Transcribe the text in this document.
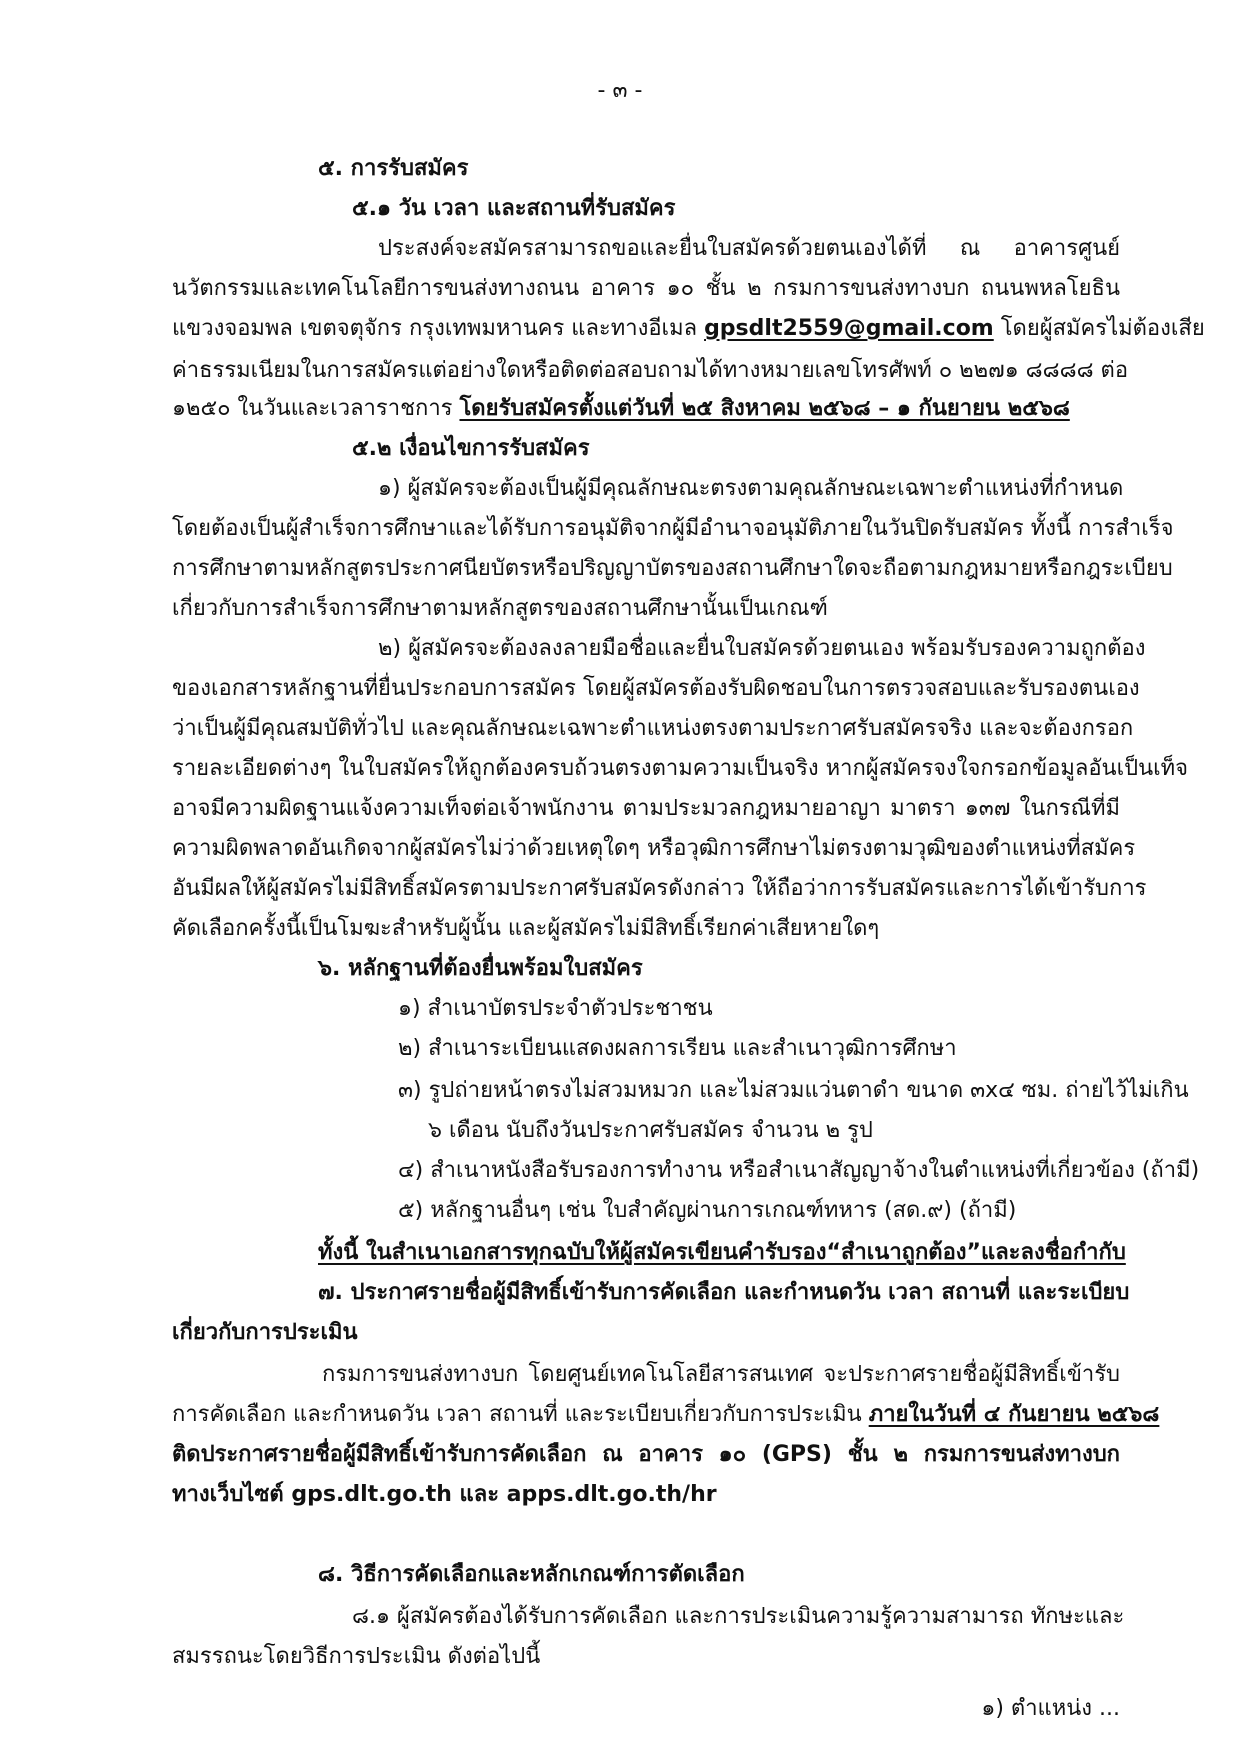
- ๓ -
๕. การรับสมัคร
๕.๑ วัน เวลา และสถานที่รับสมัคร
ประสงค์จะสมัครสามารถขอและยื่นใบสมัครด้วยตนเองได้ที่ ณ อาคารศูนย์
นวัตกรรมและเทคโนโลยีการขนส่งทางถนน อาคาร ๑๐ ชั้น ๒ กรมการขนส่งทางบก ถนนพหลโยธิน
แขวงจอมพล เขตจตุจักร กรุงเทพมหานคร และทางอีเมล gpsdlt2559@gmail.com โดยผู้สมัครไม่ต้องเสีย
ค่าธรรมเนียมในการสมัครแต่อย่างใดหรือติดต่อสอบถามได้ทางหมายเลขโทรศัพท์ ๐ ๒๒๗๑ ๘๘๘๘ ต่อ
๑๒๕๐ ในวันและเวลาราชการ โดยรับสมัครตั้งแต่วันที่ ๒๕ สิงหาคม ๒๕๖๘ – ๑ กันยายน ๒๕๖๘
๕.๒ เงื่อนไขการรับสมัคร
๑) ผู้สมัครจะต้องเป็นผู้มีคุณลักษณะตรงตามคุณลักษณะเฉพาะตำแหน่งที่กำหนด
โดยต้องเป็นผู้สำเร็จการศึกษาและได้รับการอนุมัติจากผู้มีอำนาจอนุมัติภายในวันปิดรับสมัคร ทั้งนี้ การสำเร็จ
การศึกษาตามหลักสูตรประกาศนียบัตรหรือปริญญาบัตรของสถานศึกษาใดจะถือตามกฎหมายหรือกฎระเบียบ
เกี่ยวกับการสำเร็จการศึกษาตามหลักสูตรของสถานศึกษานั้นเป็นเกณฑ์
๒) ผู้สมัครจะต้องลงลายมือชื่อและยื่นใบสมัครด้วยตนเอง พร้อมรับรองความถูกต้อง
ของเอกสารหลักฐานที่ยื่นประกอบการสมัคร โดยผู้สมัครต้องรับผิดชอบในการตรวจสอบและรับรองตนเอง
ว่าเป็นผู้มีคุณสมบัติทั่วไป และคุณลักษณะเฉพาะตำแหน่งตรงตามประกาศรับสมัครจริง และจะต้องกรอก
รายละเอียดต่างๆ ในใบสมัครให้ถูกต้องครบถ้วนตรงตามความเป็นจริง หากผู้สมัครจงใจกรอกข้อมูลอันเป็นเท็จ
อาจมีความผิดฐานแจ้งความเท็จต่อเจ้าพนักงาน ตามประมวลกฎหมายอาญา มาตรา ๑๓๗ ในกรณีที่มี
ความผิดพลาดอันเกิดจากผู้สมัครไม่ว่าด้วยเหตุใดๆ หรือวุฒิการศึกษาไม่ตรงตามวุฒิของตำแหน่งที่สมัคร
อันมีผลให้ผู้สมัครไม่มีสิทธิ์สมัครตามประกาศรับสมัครดังกล่าว ให้ถือว่าการรับสมัครและการได้เข้ารับการ
คัดเลือกครั้งนี้เป็นโมฆะสำหรับผู้นั้น และผู้สมัครไม่มีสิทธิ์เรียกค่าเสียหายใดๆ
๖. หลักฐานที่ต้องยื่นพร้อมใบสมัคร
๑) สำเนาบัตรประจำตัวประชาชน
๒) สำเนาระเบียนแสดงผลการเรียน และสำเนาวุฒิการศึกษา
๓) รูปถ่ายหน้าตรงไม่สวมหมวก และไม่สวมแว่นตาดำ ขนาด ๓x๔ ซม. ถ่ายไว้ไม่เกิน
๖ เดือน นับถึงวันประกาศรับสมัคร จำนวน ๒ รูป
๔) สำเนาหนังสือรับรองการทำงาน หรือสำเนาสัญญาจ้างในตำแหน่งที่เกี่ยวข้อง (ถ้ามี)
๕) หลักฐานอื่นๆ เช่น ใบสำคัญผ่านการเกณฑ์ทหาร (สด.๙) (ถ้ามี)
ทั้งนี้ ในสำเนาเอกสารทุกฉบับให้ผู้สมัครเขียนคำรับรอง“สำเนาถูกต้อง”และลงชื่อกำกับ
๗. ประกาศรายชื่อผู้มีสิทธิ์เข้ารับการคัดเลือก และกำหนดวัน เวลา สถานที่ และระเบียบ
เกี่ยวกับการประเมิน
กรมการขนส่งทางบก โดยศูนย์เทคโนโลยีสารสนเทศ จะประกาศรายชื่อผู้มีสิทธิ์เข้ารับ
การคัดเลือก และกำหนดวัน เวลา สถานที่ และระเบียบเกี่ยวกับการประเมิน ภายในวันที่ ๔ กันยายน ๒๕๖๘
ติดประกาศรายชื่อผู้มีสิทธิ์เข้ารับการคัดเลือก ณ อาคาร ๑๐ (GPS) ชั้น ๒ กรมการขนส่งทางบก
ทางเว็บไซต์ gps.dlt.go.th และ apps.dlt.go.th/hr
๘. วิธีการคัดเลือกและหลักเกณฑ์การตัดเลือก
๘.๑ ผู้สมัครต้องได้รับการคัดเลือก และการประเมินความรู้ความสามารถ ทักษะและ
สมรรถนะโดยวิธีการประเมิน ดังต่อไปนี้
๑) ตำแหน่ง ...
